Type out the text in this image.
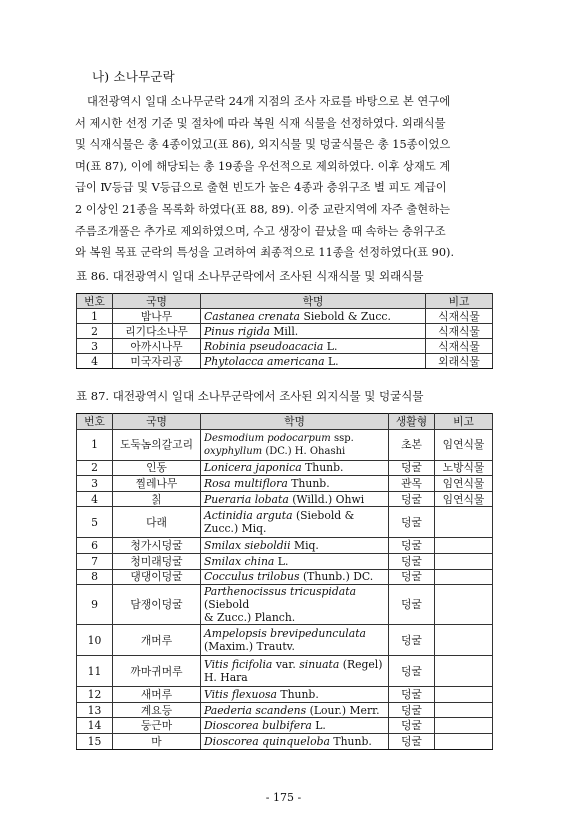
나) 소나무군락
대전광역시 일대 소나무군락 24개 지점의 조사 자료를 바탕으로 본 연구에
서 제시한 선정 기준 및 절차에 따라 복원 식재 식물을 선정하였다. 외래식물
및 식재식물은 총 4종이었고(표 86), 외지식물 및 덩굴식물은 총 15종이었으
며(표 87), 이에 해당되는 총 19종을 우선적으로 제외하였다. 이후 상재도 계
급이 Ⅳ등급 및 Ⅴ등급으로 출현 빈도가 높은 4종과 층위구조 별 피도 계급이
2 이상인 21종을 목록화 하였다(표 88, 89). 이중 교란지역에 자주 출현하는
주름조개풀은 추가로 제외하였으며, 수고 생장이 끝났을 때 속하는 층위구조
와 복원 목표 군락의 특성을 고려하여 최종적으로 11종을 선정하였다(표 90).
표 86. 대전광역시 일대 소나무군락에서 조사된 식재식물 및 외래식물
번호	국명	학명	비고
1	밤나무	Castanea crenata Siebold & Zucc.	식재식물
2	리기다소나무	Pinus rigida Mill.	식재식물
3	아까시나무	Robinia pseudoacacia L.	식재식물
4	미국자리공	Phytolacca americana L.	외래식물
표 87. 대전광역시 일대 소나무군락에서 조사된 외지식물 및 덩굴식물
번호	국명	학명	생활형	비고
1	도둑놈의갈고리	Desmodium podocarpum ssp.
oxyphyllum (DC.) H. Ohashi	초본	임연식물
2	인동	Lonicera japonica Thunb.	덩굴	노방식물
3	찔레나무	Rosa multiflora Thunb.	관목	임연식물
4	칡	Pueraria lobata (Willd.) Ohwi	덩굴	임연식물
5	다래	Actinidia arguta (Siebold &
Zucc.) Miq.	덩굴	
6	청가시덩굴	Smilax sieboldii Miq.	덩굴	
7	청미래덩굴	Smilax china L.	덩굴	
8	댕댕이덩굴	Cocculus trilobus (Thunb.) DC.	덩굴	
9	담쟁이덩굴	Parthenocissus tricuspidata (Siebold
& Zucc.) Planch.	덩굴	
10	개머루	Ampelopsis brevipedunculata
(Maxim.) Trautv.	덩굴	
11	까마귀머루	Vitis ficifolia var. sinuata (Regel)
H. Hara	덩굴	
12	새머루	Vitis flexuosa Thunb.	덩굴	
13	계요등	Paederia scandens (Lour.) Merr.	덩굴	
14	둥근마	Dioscorea bulbifera L.	덩굴	
15	마	Dioscorea quinqueloba Thunb.	덩굴	
- 175 -
